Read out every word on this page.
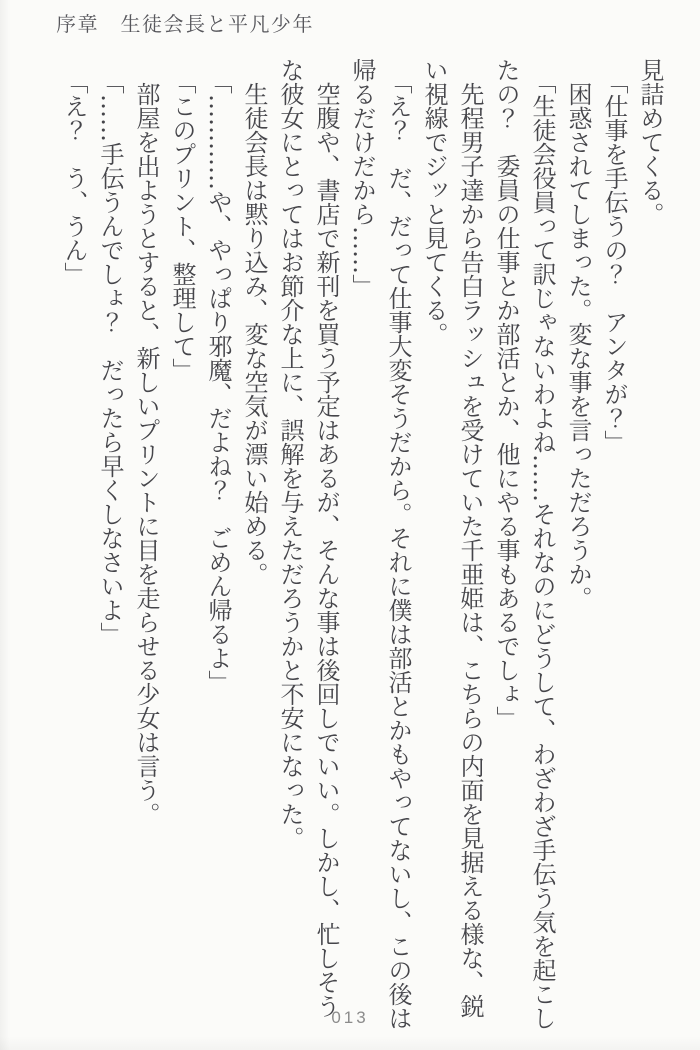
序章　生徒会長と平凡少年

見詰めてくる。

「仕事を手伝うの？　アンタが？」

困惑されてしまった。変な事を言っただろうか。

「生徒会役員って訳じゃないわよね……それなのにどうして、わざわざ手伝う気を起こしたの？　委員の仕事とか部活とか、他にやる事もあるでしょ」

先程男子達から告白ラッシュを受けていた千亜姫は、こちらの内面を見据える様な、鋭い視線でジッと見てくる。

「え？　だ、だって仕事大変そうだから。それに僕は部活とかもやってないし、この後は帰るだけだから……」

空腹や、書店で新刊を買う予定はあるが、そんな事は後回しでいい。しかし、忙しそうな彼女にとってはお節介な上に、誤解を与えただろうかと不安になった。

生徒会長は黙り込み、変な空気が漂い始める。

「…………や、やっぱり邪魔、だよね？　ごめん帰るよ」

「このプリント、整理して」

部屋を出ようとすると、新しいプリントに目を走らせる少女は言う。

「……手伝うんでしょ？　だったら早くしなさいよ」

「え？　う、うん」

013
